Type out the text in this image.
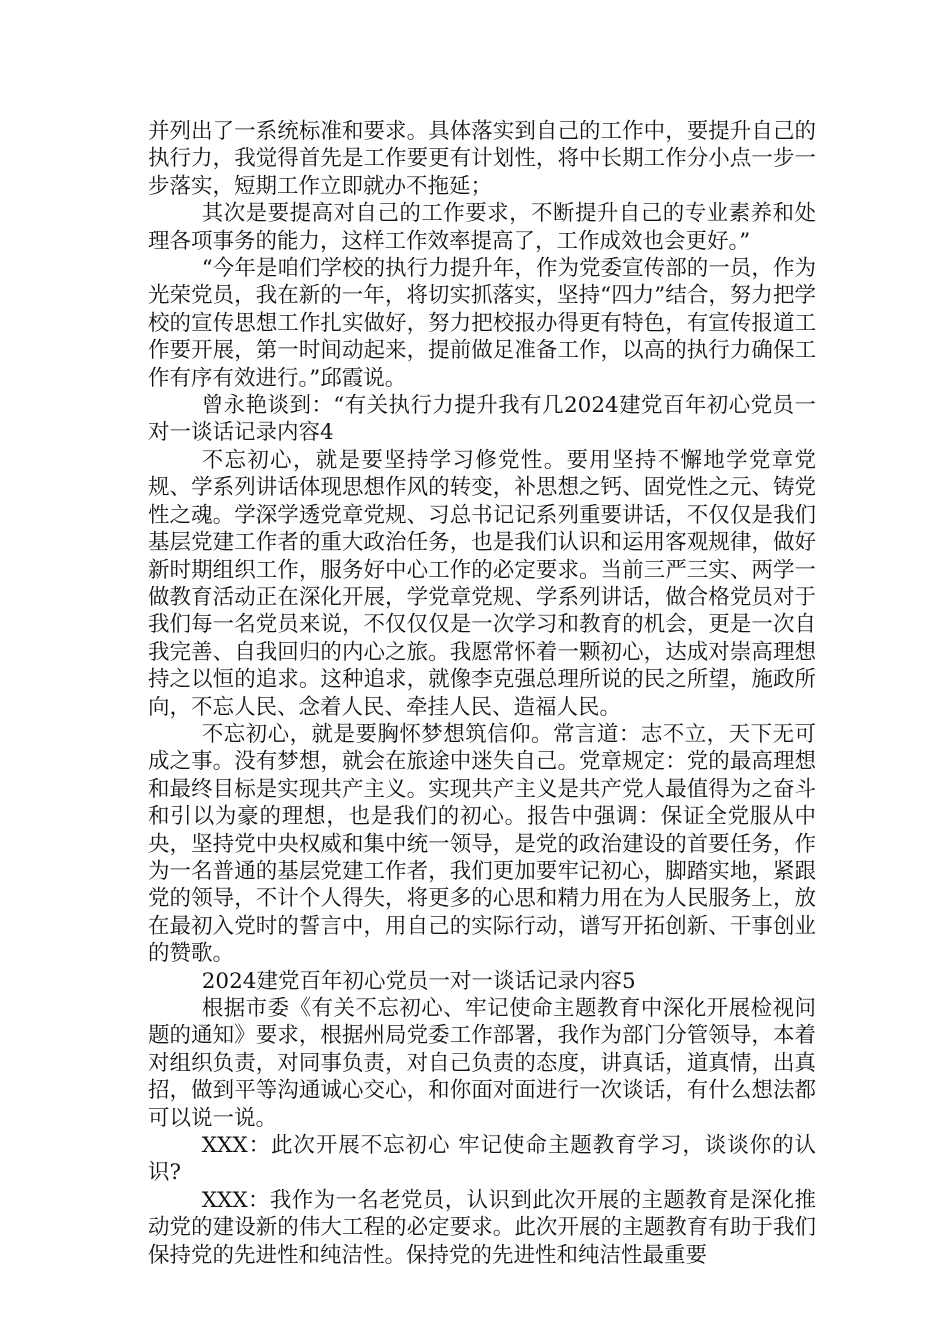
并列出了一系统标准和要求。具体落实到自己的工作中，要提升自己的执行力，我觉得首先是工作要更有计划性，将中长期工作分小点一步一步落实，短期工作立即就办不拖延；

其次是要提高对自己的工作要求，不断提升自己的专业素养和处理各项事务的能力，这样工作效率提高了，工作成效也会更好。”

“今年是咱们学校的执行力提升年，作为党委宣传部的一员，作为光荣党员，我在新的一年，将切实抓落实，坚持“四力”结合，努力把学校的宣传思想工作扎实做好，努力把校报办得更有特色，有宣传报道工作要开展，第一时间动起来，提前做足准备工作，以高的执行力确保工作有序有效进行。”邱霞说。

曾永艳谈到：“有关执行力提升我有几2024建党百年初心党员一对一谈话记录内容4

不忘初心，就是要坚持学习修党性。要用坚持不懈地学党章党规、学系列讲话体现思想作风的转变，补思想之钙、固党性之元、铸党性之魂。学深学透党章党规、习总书记记系列重要讲话，不仅仅是我们基层党建工作者的重大政治任务，也是我们认识和运用客观规律，做好新时期组织工作，服务好中心工作的必定要求。当前三严三实、两学一做教育活动正在深化开展，学党章党规、学系列讲话，做合格党员对于我们每一名党员来说，不仅仅仅是一次学习和教育的机会，更是一次自我完善、自我回归的内心之旅。我愿常怀着一颗初心，达成对崇高理想持之以恒的追求。这种追求，就像李克强总理所说的民之所望，施政所向，不忘人民、念着人民、牵挂人民、造福人民。

不忘初心，就是要胸怀梦想筑信仰。常言道：志不立，天下无可成之事。没有梦想，就会在旅途中迷失自己。党章规定：党的最高理想和最终目标是实现共产主义。实现共产主义是共产党人最值得为之奋斗和引以为豪的理想，也是我们的初心。报告中强调：保证全党服从中央，坚持党中央权威和集中统一领导，是党的政治建设的首要任务，作为一名普通的基层党建工作者，我们更加要牢记初心，脚踏实地，紧跟党的领导，不计个人得失，将更多的心思和精力用在为人民服务上，放在最初入党时的誓言中，用自己的实际行动，谱写开拓创新、干事创业的赞歌。

2024建党百年初心党员一对一谈话记录内容5

根据市委《有关不忘初心、牢记使命主题教育中深化开展检视问题的通知》要求，根据州局党委工作部署，我作为部门分管领导，本着对组织负责，对同事负责，对自己负责的态度，讲真话，道真情，出真招，做到平等沟通诚心交心，和你面对面进行一次谈话，有什么想法都可以说一说。

XXX：此次开展不忘初心 牢记使命主题教育学习，谈谈你的认识?

XXX：我作为一名老党员，认识到此次开展的主题教育是深化推动党的建设新的伟大工程的必定要求。此次开展的主题教育有助于我们保持党的先进性和纯洁性。保持党的先进性和纯洁性最重要
